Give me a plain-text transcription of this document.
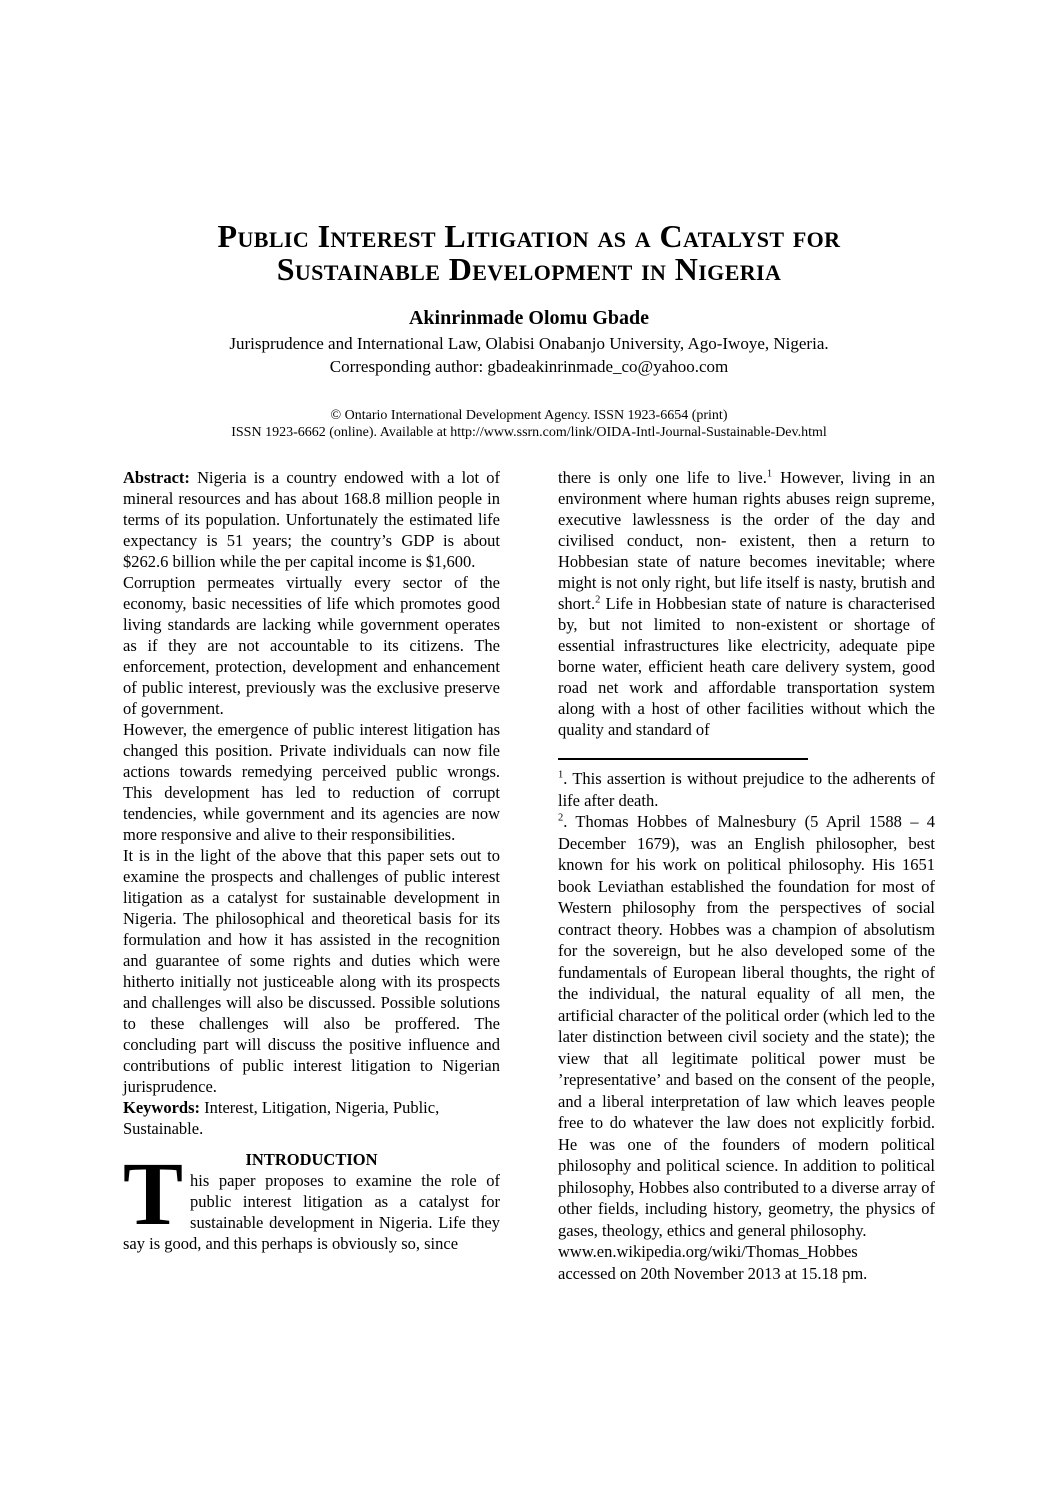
Public Interest Litigation as a Catalyst for
Sustainable Development in Nigeria
Akinrinmade Olomu Gbade
Jurisprudence and International Law, Olabisi Onabanjo University, Ago-Iwoye, Nigeria.
Corresponding author: gbadeakinrinmade_co@yahoo.com
© Ontario International Development Agency. ISSN 1923-6654 (print)
ISSN 1923-6662 (online). Available at http://www.ssrn.com/link/OIDA-Intl-Journal-Sustainable-Dev.html

Abstract: Nigeria is a country endowed with a lot of mineral resources and has about 168.8 million people in terms of its population. Unfortunately the estimated life expectancy is 51 years; the country’s GDP is about $262.6 billion while the per capital income is $1,600.

Corruption permeates virtually every sector of the economy, basic necessities of life which promotes good living standards are lacking while government operates as if they are not accountable to its citizens. The enforcement, protection, development and enhancement of public interest, previously was the exclusive preserve of government.

However, the emergence of public interest litigation has changed this position. Private individuals can now file actions towards remedying perceived public wrongs. This development has led to reduction of corrupt tendencies, while government and its agencies are now more responsive and alive to their responsibilities.

It is in the light of the above that this paper sets out to examine the prospects and challenges of public interest litigation as a catalyst for sustainable development in Nigeria. The philosophical and theoretical basis for its formulation and how it has assisted in the recognition and guarantee of some rights and duties which were hitherto initially not justiceable along with its prospects and challenges will also be discussed. Possible solutions to these challenges will also be proffered. The concluding part will discuss the positive influence and contributions of public interest litigation to Nigerian jurisprudence.

Keywords: Interest, Litigation, Nigeria, Public, Sustainable.

INTRODUCTION

This paper proposes to examine the role of public interest litigation as a catalyst for sustainable development in Nigeria. Life they say is good, and this perhaps is obviously so, since

there is only one life to live.$^1$ However, living in an environment where human rights abuses reign supreme, executive lawlessness is the order of the day and civilised conduct, non- existent, then a return to Hobbesian state of nature becomes inevitable; where might is not only right, but life itself is nasty, brutish and short.$^2$ Life in Hobbesian state of nature is characterised by, but not limited to non-existent or shortage of essential infrastructures like electricity, adequate pipe borne water, efficient heath care delivery system, good road net work and affordable transportation system along with a host of other facilities without which the quality and standard of

$^1$. This assertion is without prejudice to the adherents of life after death.

$^2$. Thomas Hobbes of Malnesbury (5 April 1588 – 4 December 1679), was an English philosopher, best known for his work on political philosophy. His 1651 book Leviathan established the foundation for most of Western philosophy from the perspectives of social contract theory. Hobbes was a champion of absolutism for the sovereign, but he also developed some of the fundamentals of European liberal thoughts, the right of the individual, the natural equality of all men, the artificial character of the political order (which led to the later distinction between civil society and the state); the view that all legitimate political power must be ’representative’ and based on the consent of the people, and a liberal interpretation of law which leaves people free to do whatever the law does not explicitly forbid. He was one of the founders of modern political philosophy and political science. In addition to political philosophy, Hobbes also contributed to a diverse array of other fields, including history, geometry, the physics of gases, theology, ethics and general philosophy.

www.en.wikipedia.org/wiki/Thomas_Hobbes
accessed on 20th November 2013 at 15.18 pm.
